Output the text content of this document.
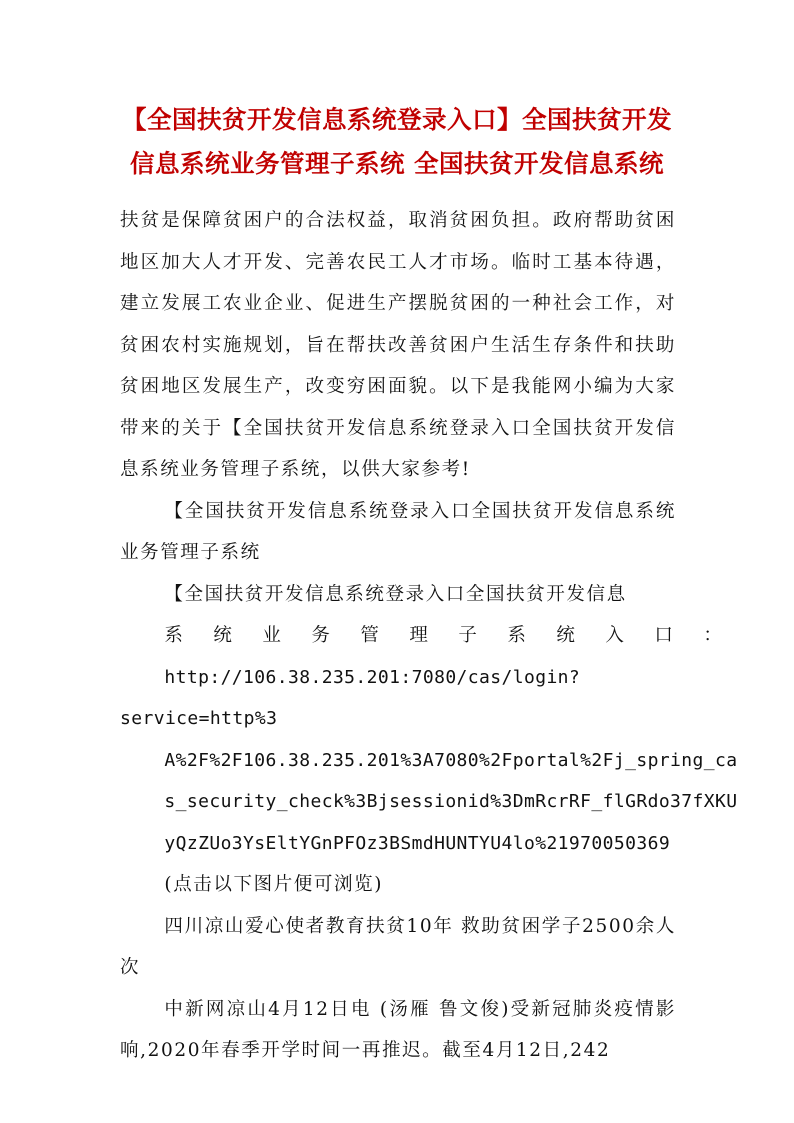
【全国扶贫开发信息系统登录入口】全国扶贫开发信息系统业务管理子系统 全国扶贫开发信息系统

扶贫是保障贫困户的合法权益，取消贫困负担。政府帮助贫困地区加大人才开发、完善农民工人才市场。临时工基本待遇，建立发展工农业企业、促进生产摆脱贫困的一种社会工作，对贫困农村实施规划，旨在帮扶改善贫困户生活生存条件和扶助贫困地区发展生产，改变穷困面貌。以下是我能网小编为大家带来的关于【全国扶贫开发信息系统登录入口全国扶贫开发信息系统业务管理子系统，以供大家参考!

【全国扶贫开发信息系统登录入口全国扶贫开发信息系统业务管理子系统

【全国扶贫开发信息系统登录入口全国扶贫开发信息
系统业务管理子系统入口：
http://106.38.235.201:7080/cas/login?service=http%3
A%2F%2F106.38.235.201%3A7080%2Fportal%2Fj_spring_ca
s_security_check%3Bjsessionid%3DmRcrRF_flGRdo37fXKU
yQzZUo3YsEltYGnPFOz3BSmdHUNTYU4lo%21970050369

(点击以下图片便可浏览)

四川凉山爱心使者教育扶贫10年 救助贫困学子2500余人次

中新网凉山4月12日电 (汤雁 鲁文俊)受新冠肺炎疫情影响,2020年春季开学时间一再推迟。截至4月12日,242
